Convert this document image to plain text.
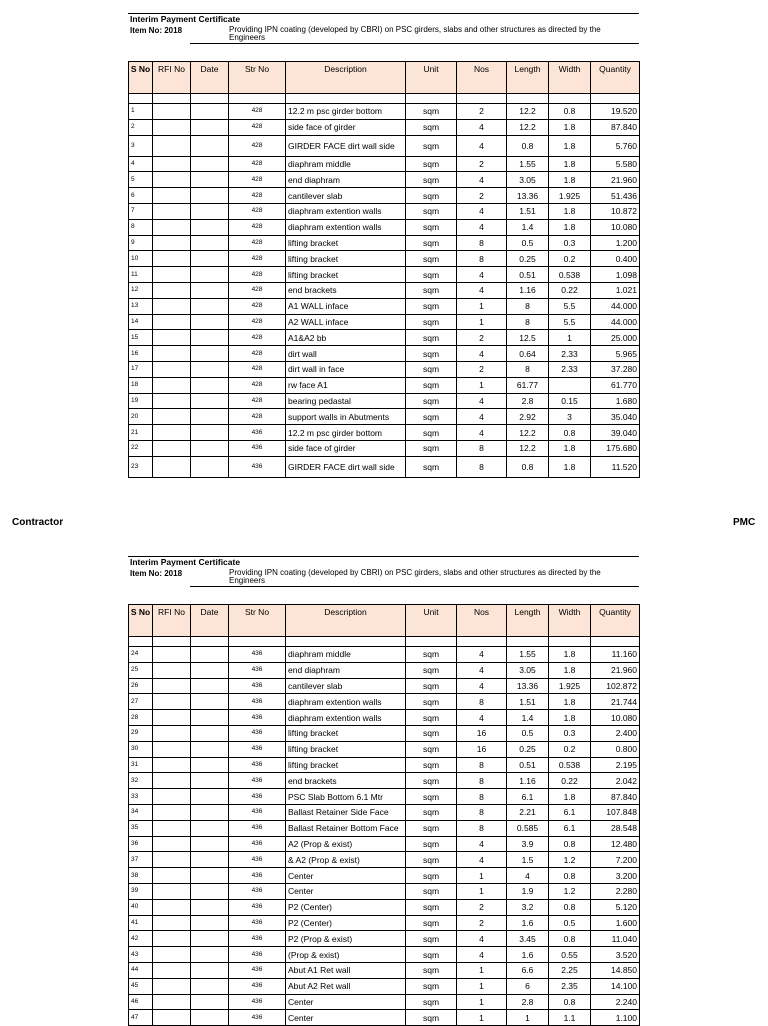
Interim Payment Certificate
Item No: 2018	Providing IPN coating (developed by CBRI) on PSC girders, slabs and other structures as directed by the Engineers
S No	RFI No	Date	Str No	Description	Unit	Nos	Length	Width	Quantity

1			428	12.2 m psc girder bottom	sqm	2	12.2	0.8	19.520
2			428	side face of girder	sqm	4	12.2	1.8	87.840
3			428	GIRDER FACE dirt wall side	sqm	4	0.8	1.8	5.760
4			428	diaphram middle	sqm	2	1.55	1.8	5.580
5			428	end diaphram	sqm	4	3.05	1.8	21.960
6			428	cantilever slab	sqm	2	13.36	1.925	51.436
7			428	diaphram extention walls	sqm	4	1.51	1.8	10.872
8			428	diaphram extention walls	sqm	4	1.4	1.8	10.080
9			428	lifting bracket	sqm	8	0.5	0.3	1.200
10			428	lifting bracket	sqm	8	0.25	0.2	0.400
11			428	lifting bracket	sqm	4	0.51	0.538	1.098
12			428	end brackets	sqm	4	1.16	0.22	1.021
13			428	A1 WALL inface	sqm	1	8	5.5	44.000
14			428	A2 WALL inface	sqm	1	8	5.5	44.000
15			428	A1&A2 bb	sqm	2	12.5	1	25.000
16			428	dirt wall	sqm	4	0.64	2.33	5.965
17			428	dirt wall in face	sqm	2	8	2.33	37.280
18			428	rw face A1	sqm	1	61.77		61.770
19			428	bearing pedastal	sqm	4	2.8	0.15	1.680
20			428	support walls in Abutments	sqm	4	2.92	3	35.040
21			436	12.2 m psc girder bottom	sqm	4	12.2	0.8	39.040
22			436	side face of girder	sqm	8	12.2	1.8	175.680
23			436	GIRDER FACE dirt wall side	sqm	8	0.8	1.8	11.520
Contractor	PMC
Interim Payment Certificate
Item No: 2018	Providing IPN coating (developed by CBRI) on PSC girders, slabs and other structures as directed by the Engineers
S No	RFI No	Date	Str No	Description	Unit	Nos	Length	Width	Quantity

24			436	diaphram middle	sqm	4	1.55	1.8	11.160
25			436	end diaphram	sqm	4	3.05	1.8	21.960
26			436	cantilever slab	sqm	4	13.36	1.925	102.872
27			436	diaphram extention walls	sqm	8	1.51	1.8	21.744
28			436	diaphram extention walls	sqm	4	1.4	1.8	10.080
29			436	lifting bracket	sqm	16	0.5	0.3	2.400
30			436	lifting bracket	sqm	16	0.25	0.2	0.800
31			436	lifting bracket	sqm	8	0.51	0.538	2.195
32			436	end brackets	sqm	8	1.16	0.22	2.042
33			436	PSC Slab Bottom 6.1 Mtr	sqm	8	6.1	1.8	87.840
34			436	Ballast Retainer Side Face	sqm	8	2.21	6.1	107.848
35			436	Ballast Retainer Bottom Face	sqm	8	0.585	6.1	28.548
36			436	A2 (Prop & exist)	sqm	4	3.9	0.8	12.480
37			436	& A2 (Prop & exist)	sqm	4	1.5	1.2	7.200
38			436	Center	sqm	1	4	0.8	3.200
39			436	Center	sqm	1	1.9	1.2	2.280
40			436	P2 (Center)	sqm	2	3.2	0.8	5.120
41			436	P2 (Center)	sqm	2	1.6	0.5	1.600
42			436	P2 (Prop & exist)	sqm	4	3.45	0.8	11.040
43			436	(Prop & exist)	sqm	4	1.6	0.55	3.520
44			436	Abut A1 Ret wall	sqm	1	6.6	2.25	14.850
45			436	Abut A2 Ret wall	sqm	1	6	2.35	14.100
46			436	Center	sqm	1	2.8	0.8	2.240
47			436	Center	sqm	1	1	1.1	1.100
